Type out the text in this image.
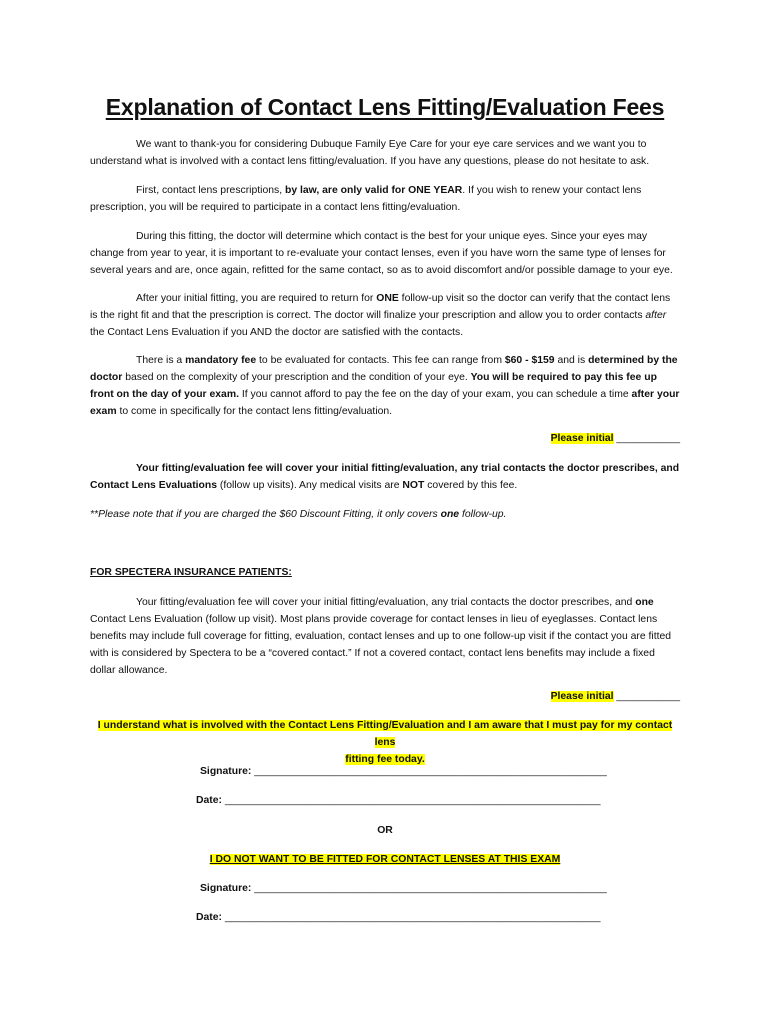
Explanation of Contact Lens Fitting/Evaluation Fees

We want to thank-you for considering Dubuque Family Eye Care for your eye care services and we want you to understand what is involved with a contact lens fitting/evaluation. If you have any questions, please do not hesitate to ask.

First, contact lens prescriptions, by law, are only valid for ONE YEAR. If you wish to renew your contact lens prescription, you will be required to participate in a contact lens fitting/evaluation.

During this fitting, the doctor will determine which contact is the best for your unique eyes. Since your eyes may change from year to year, it is important to re-evaluate your contact lenses, even if you have worn the same type of lenses for several years and are, once again, refitted for the same contact, so as to avoid discomfort and/or possible damage to your eye.

After your initial fitting, you are required to return for ONE follow-up visit so the doctor can verify that the contact lens is the right fit and that the prescription is correct. The doctor will finalize your prescription and allow you to order contacts after the Contact Lens Evaluation if you AND the doctor are satisfied with the contacts.

There is a mandatory fee to be evaluated for contacts. This fee can range from $60 - $159 and is determined by the doctor based on the complexity of your prescription and the condition of your eye. You will be required to pay this fee up front on the day of your exam. If you cannot afford to pay the fee on the day of your exam, you can schedule a time after your exam to come in specifically for the contact lens fitting/evaluation.

Please initial ___________

Your fitting/evaluation fee will cover your initial fitting/evaluation, any trial contacts the doctor prescribes, and Contact Lens Evaluations (follow up visits). Any medical visits are NOT covered by this fee.

**Please note that if you are charged the $60 Discount Fitting, it only covers one follow-up.

FOR SPECTERA INSURANCE PATIENTS:

Your fitting/evaluation fee will cover your initial fitting/evaluation, any trial contacts the doctor prescribes, and one Contact Lens Evaluation (follow up visit). Most plans provide coverage for contact lenses in lieu of eyeglasses. Contact lens benefits may include full coverage for fitting, evaluation, contact lenses and up to one follow-up visit if the contact you are fitted with is considered by Spectera to be a “covered contact.” If not a covered contact, contact lens benefits may include a fixed dollar allowance.

Please initial ___________
I understand what is involved with the Contact Lens Fitting/Evaluation and I am aware that I must pay for my contact lens
fitting fee today.
Signature: _____________________________________________________________
Date: _________________________________________________________________
OR
I DO NOT WANT TO BE FITTED FOR CONTACT LENSES AT THIS EXAM
Signature: _____________________________________________________________
Date: _________________________________________________________________
